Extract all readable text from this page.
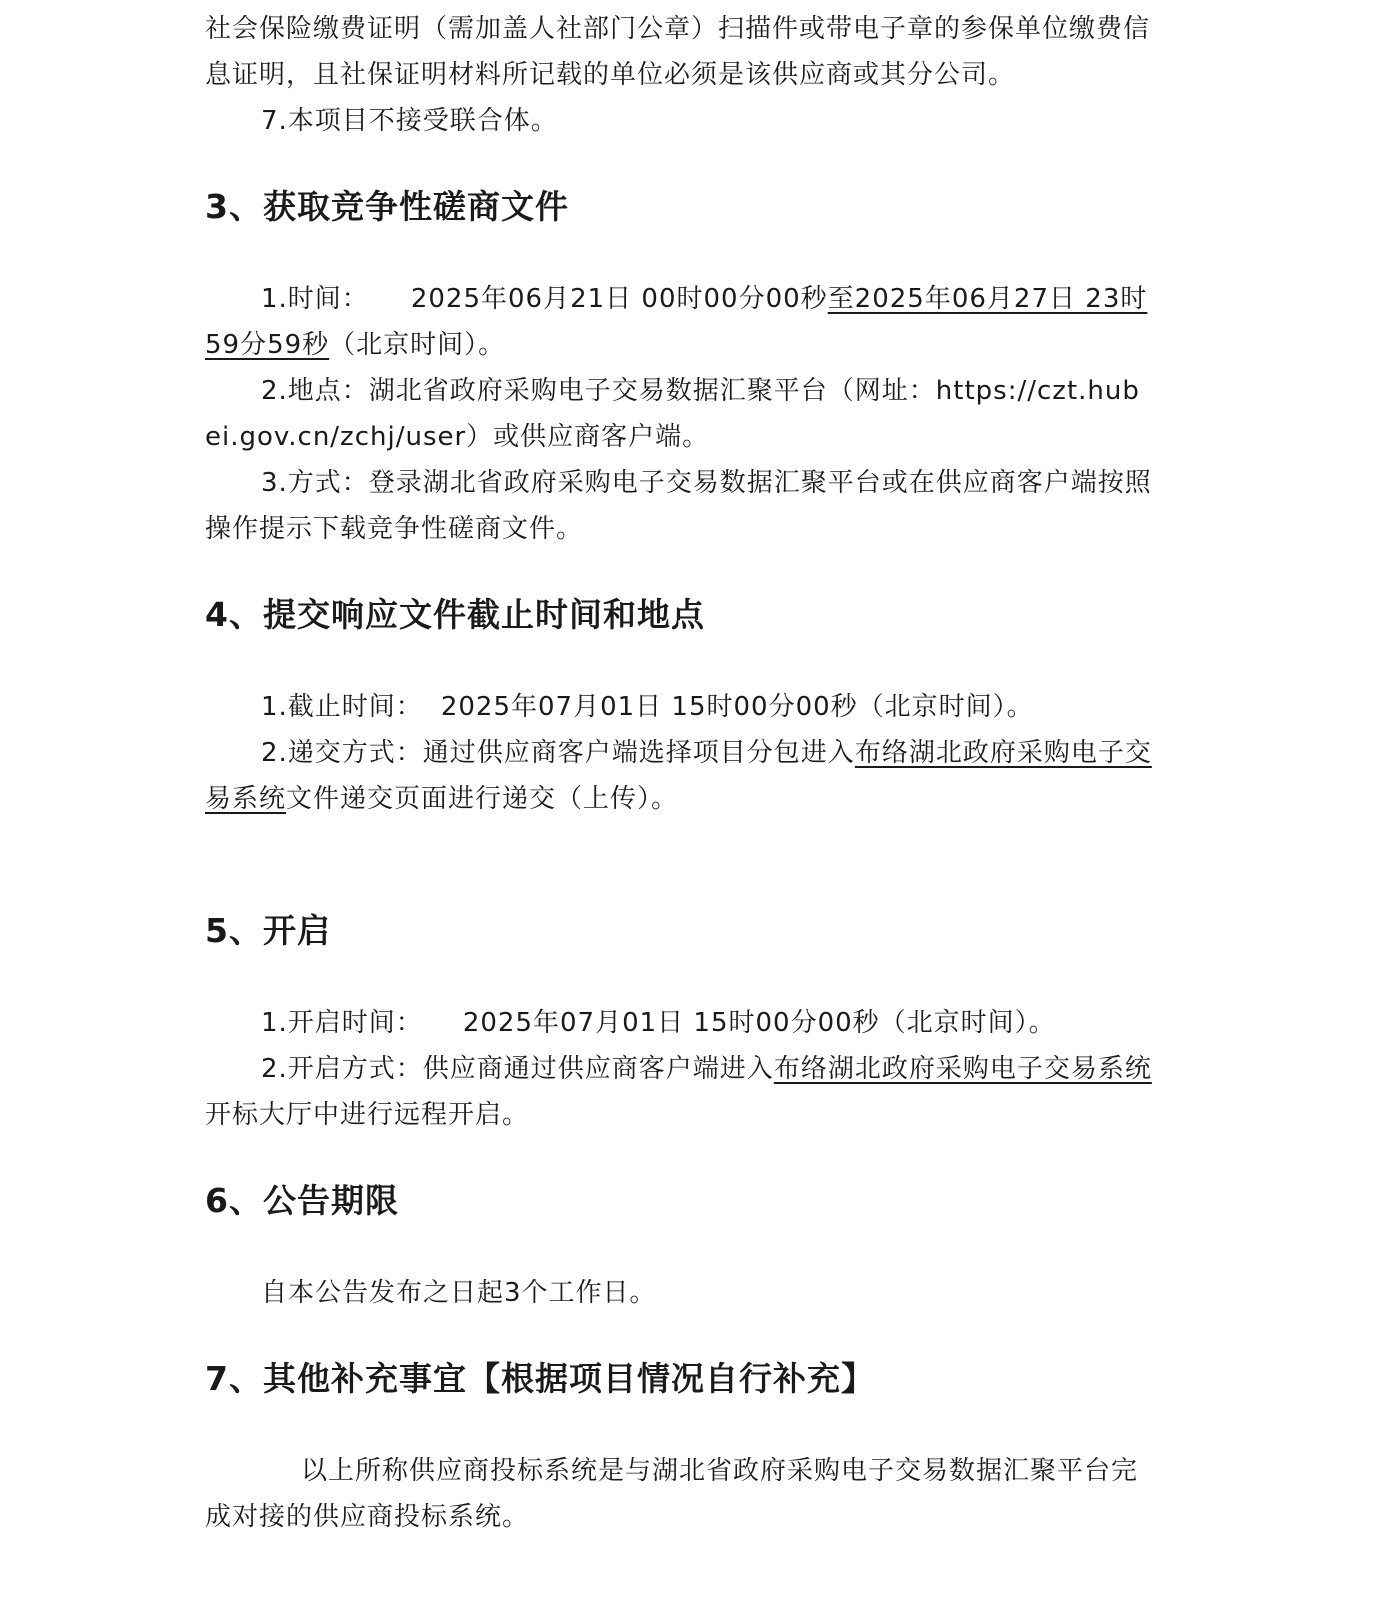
社会保险缴费证明（需加盖人社部门公章）扫描件或带电子章的参保单位缴费信息证明，且社保证明材料所记载的单位必须是该供应商或其分公司。

7.本项目不接受联合体。

3、获取竞争性磋商文件

1.时间： 2025年06月21日 00时00分00秒至2025年06月27日 23时59分59秒（北京时间）。

2.地点：湖北省政府采购电子交易数据汇聚平台（网址：https://czt.hubei.gov.cn/zchj/user）或供应商客户端。

3.方式：登录湖北省政府采购电子交易数据汇聚平台或在供应商客户端按照操作提示下载竞争性磋商文件。

4、提交响应文件截止时间和地点

1.截止时间： 2025年07月01日 15时00分00秒（北京时间）。

2.递交方式：通过供应商客户端选择项目分包进入布络湖北政府采购电子交易系统文件递交页面进行递交（上传）。

5、开启

1.开启时间： 2025年07月01日 15时00分00秒（北京时间）。

2.开启方式：供应商通过供应商客户端进入布络湖北政府采购电子交易系统开标大厅中进行远程开启。

6、公告期限

自本公告发布之日起3个工作日。

7、其他补充事宜【根据项目情况自行补充】

以上所称供应商投标系统是与湖北省政府采购电子交易数据汇聚平台完成对接的供应商投标系统。
